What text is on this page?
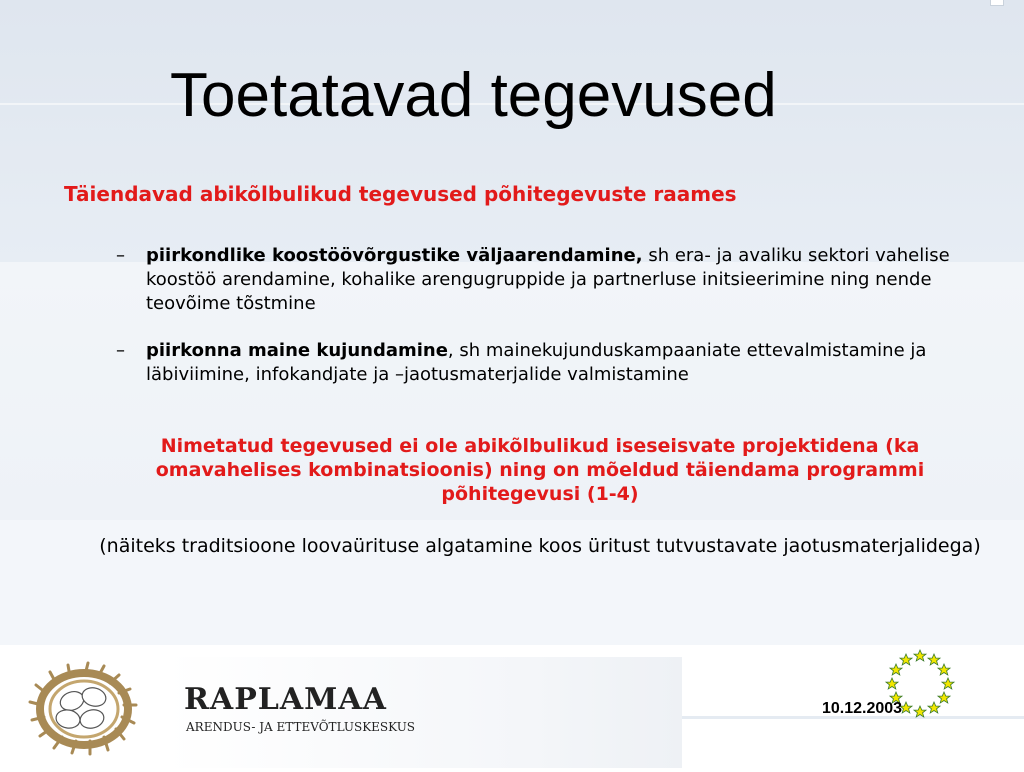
Toetatavad tegevused

Täiendavad abikõlbulikud tegevused põhitegevuste raames

– piirkondlike koostöövõrgustike väljaarendamine, sh era- ja avaliku sektori vahelise koostöö arendamine, kohalike arengugruppide ja partnerluse initsieerimine ning nende teovõime tõstmine
– piirkonna maine kujundamine, sh mainekujunduskampaaniate ettevalmistamine ja läbiviimine, infokandjate ja –jaotusmaterjalide valmistamine

Nimetatud tegevused ei ole abikõlbulikud iseseisvate projektidena (ka omavahelises kombinatsioonis) ning on mõeldud täiendama programmi põhitegevusi (1-4)

(näiteks traditsioone loovaürituse algatamine koos üritust tutvustavate jaotusmaterjalidega)

RAPLAMAA

ARENDUS- JA ETTEVÕTLUSKESKUS

10.12.2003
